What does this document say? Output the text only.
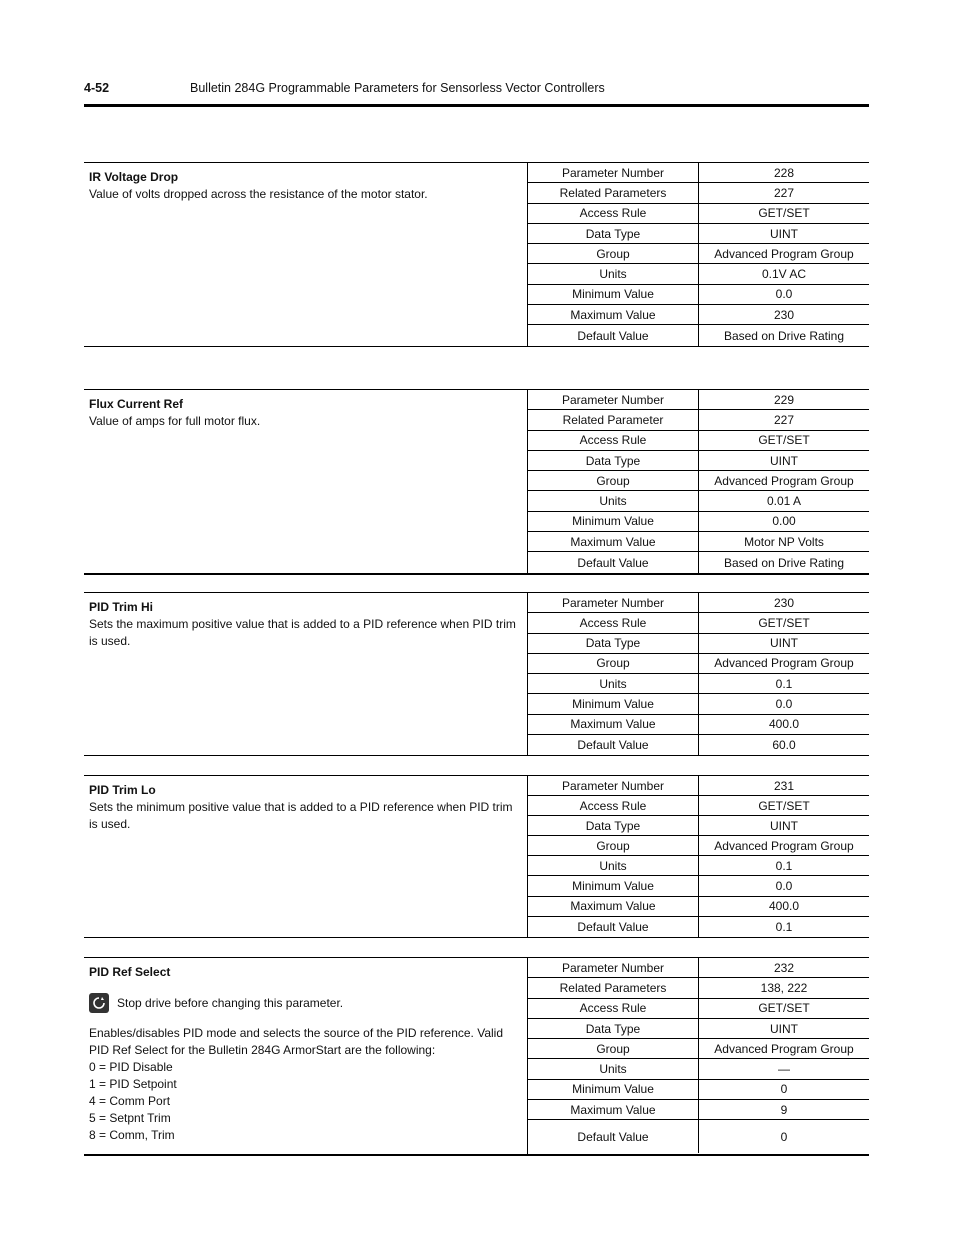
4-52	Bulletin 284G Programmable Parameters for Sensorless Vector Controllers
IR Voltage Drop
Value of volts dropped across the resistance of the motor stator.
Parameter Number	228
Related Parameters	227
Access Rule	GET/SET
Data Type	UINT
Group	Advanced Program Group
Units	0.1V AC
Minimum Value	0.0
Maximum Value	230
Default Value	Based on Drive Rating
Flux Current Ref
Value of amps for full motor flux.
Parameter Number	229
Related Parameter	227
Access Rule	GET/SET
Data Type	UINT
Group	Advanced Program Group
Units	0.01 A
Minimum Value	0.00
Maximum Value	Motor NP Volts
Default Value	Based on Drive Rating
PID Trim Hi
Sets the maximum positive value that is added to a PID reference when PID trim is used.
Parameter Number	230
Access Rule	GET/SET
Data Type	UINT
Group	Advanced Program Group
Units	0.1
Minimum Value	0.0
Maximum Value	400.0
Default Value	60.0
PID Trim Lo
Sets the minimum positive value that is added to a PID reference when PID trim is used.
Parameter Number	231
Access Rule	GET/SET
Data Type	UINT
Group	Advanced Program Group
Units	0.1
Minimum Value	0.0
Maximum Value	400.0
Default Value	0.1
PID Ref Select
Stop drive before changing this parameter.
Enables/disables PID mode and selects the source of the PID reference. Valid PID Ref Select for the Bulletin 284G ArmorStart are the following:
0 = PID Disable
1 = PID Setpoint
4 = Comm Port
5 = Setpnt Trim
8 = Comm, Trim
Parameter Number	232
Related Parameters	138, 222
Access Rule	GET/SET
Data Type	UINT
Group	Advanced Program Group
Units	—
Minimum Value	0
Maximum Value	9
Default Value	0
